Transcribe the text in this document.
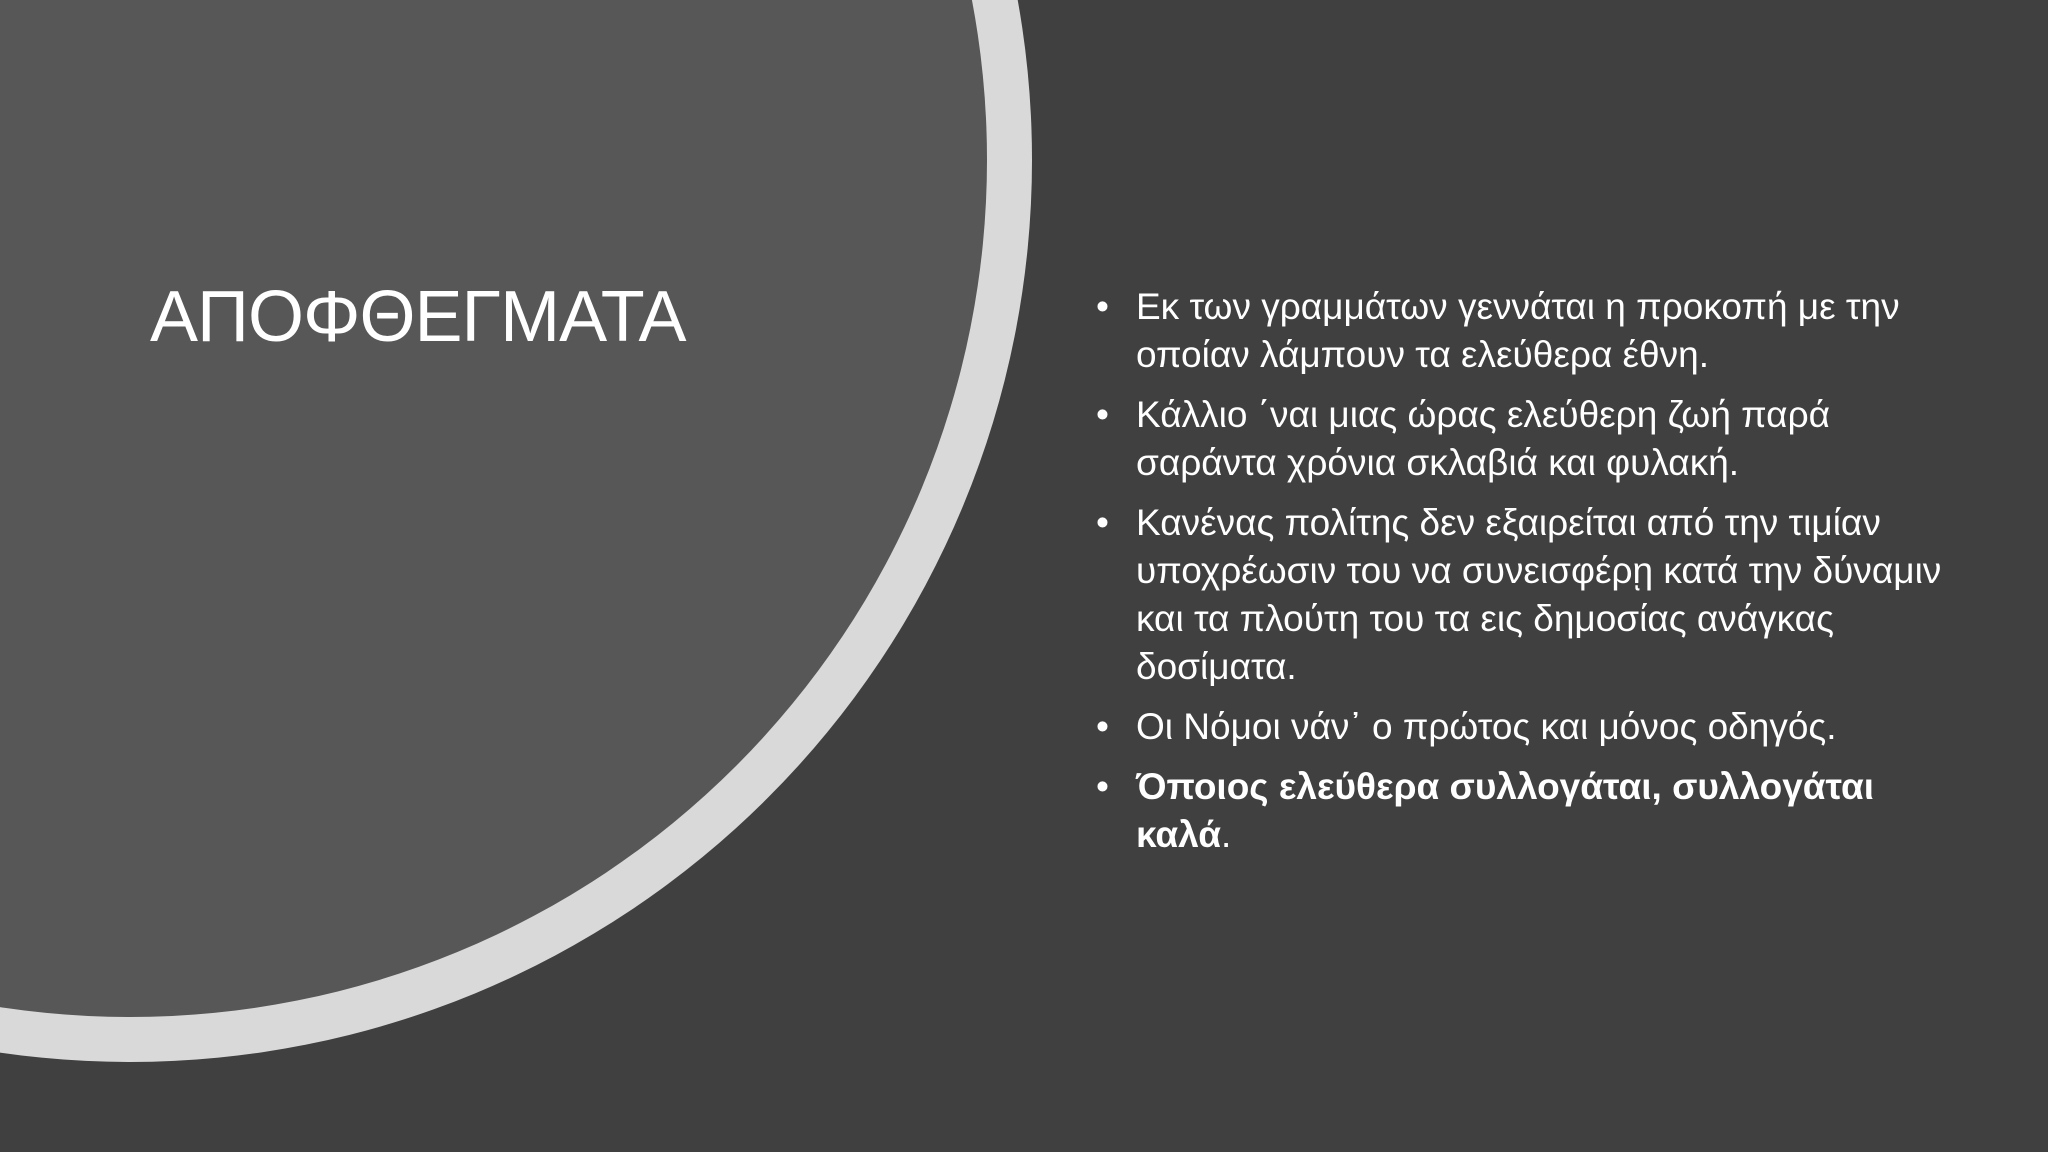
ΑΠΟΦΘΕΓΜΑΤΑ	• Εκ των γραμμάτων γεννάται η προκοπή με την οποίαν λάμπουν τα ελεύθερα έθνη.
• Κάλλιο ΄ναι μιας ώρας ελεύθερη ζωή παρά σαράντα χρόνια σκλαβιά και φυλακή.
• Κανένας πολίτης δεν εξαιρείται από την τιμίαν υποχρέωσιν του να συνεισφέρῃ κατά την δύναμιν και τα πλούτη του τα εις δημοσίας ανάγκας δοσίματα.
• Οι Νόμοι νάν᾽ ο πρώτος και μόνος οδηγός.
• Όποιος ελεύθερα συλλογάται, συλλογάται καλά.
